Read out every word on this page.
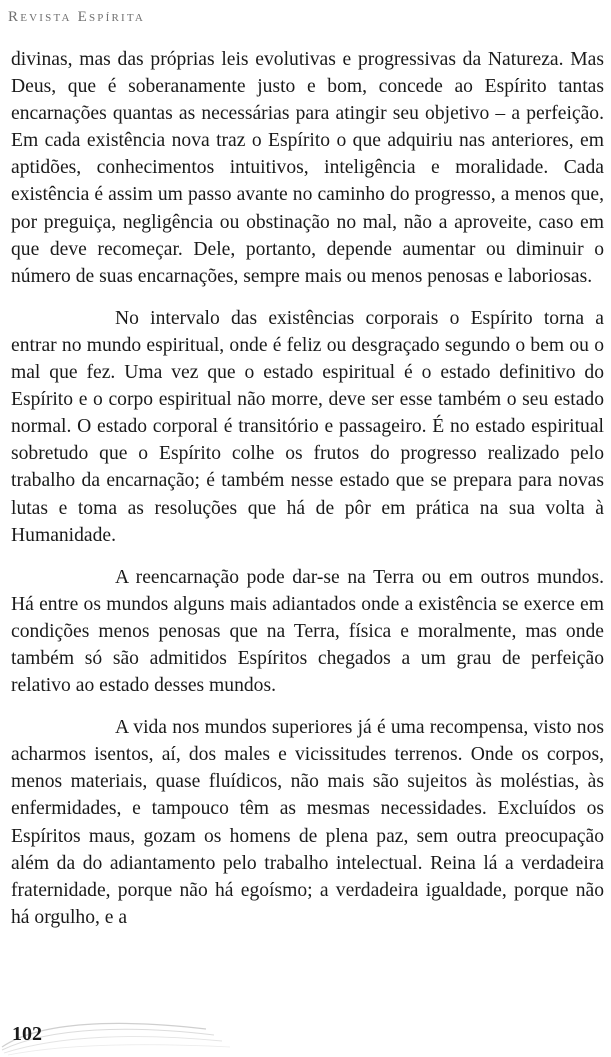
Revista Espírita

divinas, mas das próprias leis evolutivas e progressivas da Natureza. Mas Deus, que é soberanamente justo e bom, concede ao Espírito tantas encarnações quantas as necessárias para atingir seu objetivo – a perfeição. Em cada existência nova traz o Espírito o que adquiriu nas anteriores, em aptidões, conhecimentos intuitivos, inteligência e moralidade. Cada existência é assim um passo avante no caminho do progresso, a menos que, por preguiça, negligência ou obstinação no mal, não a aproveite, caso em que deve recomeçar. Dele, portanto, depende aumentar ou diminuir o número de suas encarnações, sempre mais ou menos penosas e laboriosas.

No intervalo das existências corporais o Espírito torna a entrar no mundo espiritual, onde é feliz ou desgraçado segundo o bem ou o mal que fez. Uma vez que o estado espiritual é o estado definitivo do Espírito e o corpo espiritual não morre, deve ser esse também o seu estado normal. O estado corporal é transitório e passageiro. É no estado espiritual sobretudo que o Espírito colhe os frutos do progresso realizado pelo trabalho da encarnação; é também nesse estado que se prepara para novas lutas e toma as resoluções que há de pôr em prática na sua volta à Humanidade.

A reencarnação pode dar-se na Terra ou em outros mundos. Há entre os mundos alguns mais adiantados onde a existência se exerce em condições menos penosas que na Terra, física e moralmente, mas onde também só são admitidos Espíritos chegados a um grau de perfeição relativo ao estado desses mundos.

A vida nos mundos superiores já é uma recompensa, visto nos acharmos isentos, aí, dos males e vicissitudes terrenos. Onde os corpos, menos materiais, quase fluídicos, não mais são sujeitos às moléstias, às enfermidades, e tampouco têm as mesmas necessidades. Excluídos os Espíritos maus, gozam os homens de plena paz, sem outra preocupação além da do adiantamento pelo trabalho intelectual. Reina lá a verdadeira fraternidade, porque não há egoísmo; a verdadeira igualdade, porque não há orgulho, e a

102
